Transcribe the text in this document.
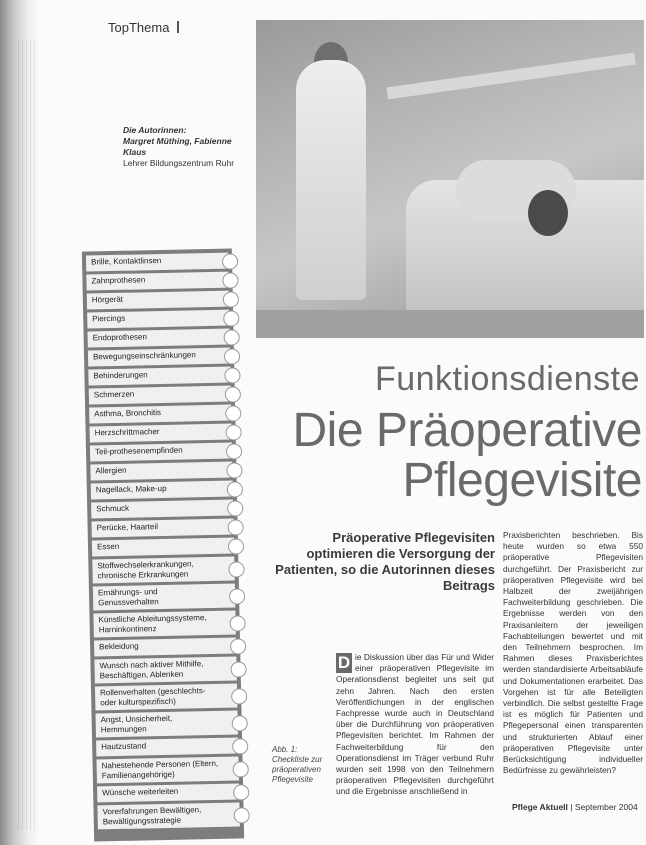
TopThema
Die Autorinnen:
Margret Müthing, Fabienne Klaus
Lehrer Bildungszentrum Ruhr
Brille, Kontaktlinsen
Zahnprothesen
Hörgerät
Piercings
Endoprothesen
Bewegungseinschränkungen
Behinderungen
Schmerzen
Asthma, Bronchitis
Herzschrittmacher
Teil-prothesenempfinden
Allergien
Nagellack, Make-up
Schmuck
Perücke, Haarteil
Essen
Stoffwechselerkrankungen, chronische Erkrankungen
Ernährungs- und Genussverhalten
Künstliche Ableitungssysteme, Harninkontinenz
Bekleidung
Wunsch nach aktiver Mithilfe, Beschäftigen, Ablenken
Rollenverhalten (geschlechts- oder kulturspezifisch)
Angst, Unsicherheit, Hemmungen
Hautzustand
Nahestehende Personen (Eltern, Familienangehörige)
Wünsche weiterleiten
Vorerfahrungen Bewältigen, Bewältigungsstrategie
Funktionsdienste
Die Präoperative
Pflegevisite
Präoperative Pflegevisiten optimieren die Versorgung der Patienten, so die Autorinnen dieses Beitrags
D ie Diskussion über das Für und Wider einer präoperativen Pflegevisite im Operationsdienst begleitet uns seit gut zehn Jahren. Nach den ersten Veröffentlichungen in der englischen Fachpresse wurde auch in Deutschland über die Durchführung von präoperativen Pflegevisiten berichtet. Im Rahmen der Fachweiterbildung für den Operationsdienst im Träger verbund Ruhr wurden seit 1998 von den Teilnehmern präoperativen Pflegevisiten durchgeführt und die Ergebnisse anschließend in
Praxisberichten beschrieben. Bis heute wurden so etwa 550 präoperative Pflegevisiten durchgeführt. Der Praxisbericht zur präoperativen Pflegevisite wird bei Halbzeit der zweijährigen Fachweiterbildung geschrieben. Die Ergebnisse werden von den Praxisanleitern der jeweiligen Fachabteilungen bewertet und mit den Teilnehmern besprochen. Im Rahmen dieses Praxisberichtes werden standardisierte Arbeitsabläufe und Dokumentationen erarbeitet. Das Vorgehen ist für alle Beteiligten verbindlich. Die selbst gestellte Frage ist es möglich für Patienten und Pflegepersonal einen transparenten und strukturierten Ablauf einer präoperativen Pflegevisite unter Berücksichtigung individueller Bedürfnisse zu gewährleisten?
Abb. 1: Checkliste zur präoperativen Pflegevisite
Pflege Aktuell | September 2004
